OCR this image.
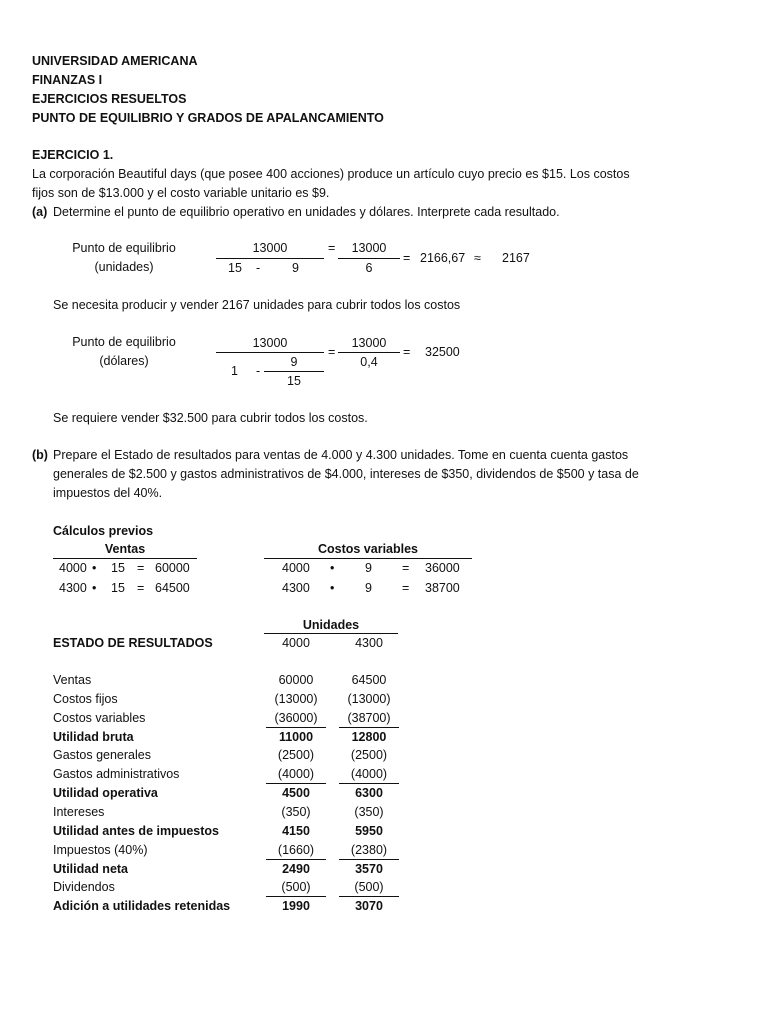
UNIVERSIDAD AMERICANA
FINANZAS I
EJERCICIOS RESUELTOS
PUNTO DE EQUILIBRIO Y GRADOS DE APALANCAMIENTO
EJERCICIO 1.
La corporación Beautiful days (que posee 400 acciones) produce un artículo cuyo precio es $15. Los costos
fijos son de $13.000 y el costo variable unitario es $9.
(a) Determine el punto de equilibrio operativo en unidades y dólares. Interprete cada resultado.
Punto de equilibrio
(unidades)
13000
15 -	9
=	13000
6
= 2166,67 ≈ 2167
Se necesita producir y vender 2167 unidades para cubrir todos los costos
Punto de equilibrio
(dólares)
13000
1 -
9
15
=
13000
0,4
= 32500
Se requiere vender $32.500 para cubrir todos los costos.
(b) Prepare el Estado de resultados para ventas de 4.000 y 4.300 unidades. Tome en cuenta cuenta gastos
generales de $2.500 y gastos administrativos de $4.000, intereses de $350, dividendos de $500 y tasa de
impuestos del 40%.
Cálculos previos
Ventas
4000 • 15 = 60000
4300 • 15 = 64500
Costos variables
4000 • 9 = 36000
4300 • 9 = 38700
Unidades
ESTADO DE RESULTADOS	4000	4300
Ventas	60000	64500
Costos fijos	(13000)	(13000)
Costos variables	(36000)	(38700)
Utilidad bruta	11000	12800
Gastos generales	(2500)	(2500)
Gastos administrativos	(4000)	(4000)
Utilidad operativa	4500	6300
Intereses	(350)	(350)
Utilidad antes de impuestos	4150	5950
Impuestos (40%)	(1660)	(2380)
Utilidad neta	2490	3570
Dividendos	(500)	(500)
Adición a utilidades retenidas	1990	3070
